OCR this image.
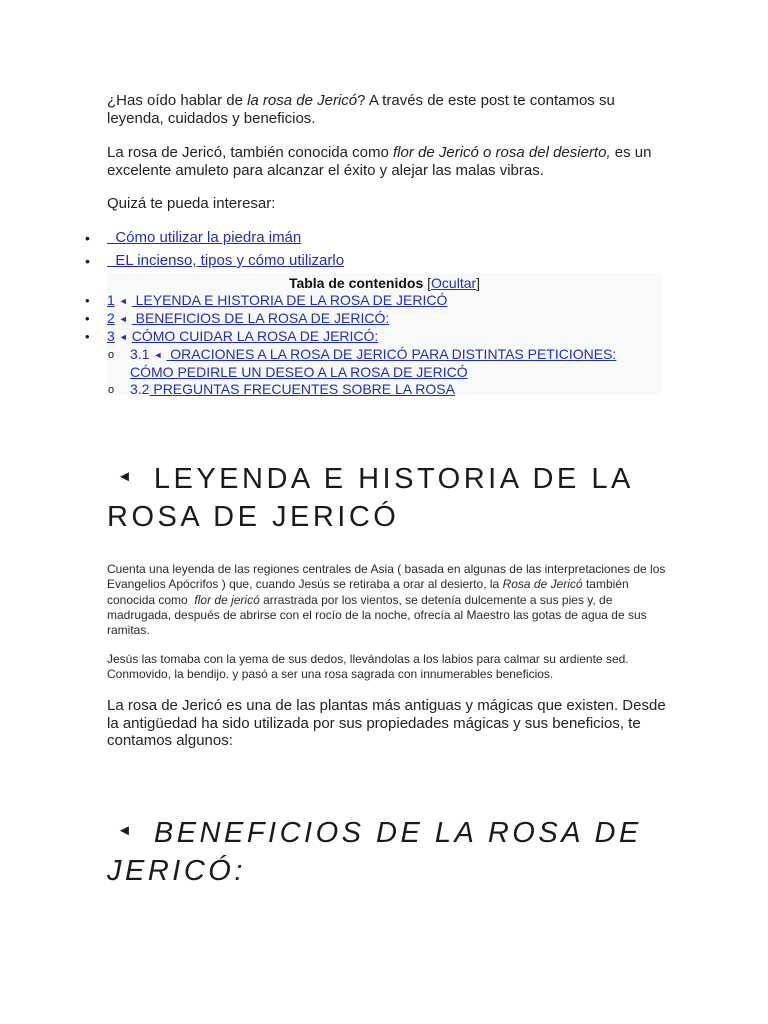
¿Has oído hablar de la rosa de Jericó? A través de este post te contamos su leyenda, cuidados y beneficios.

La rosa de Jericó, también conocida como flor de Jericó o rosa del desierto, es un excelente amuleto para alcanzar el éxito y alejar las malas vibras.

Quizá te pueda interesar:

• Cómo utilizar la piedra imán
• EL incienso, tipos y cómo utilizarlo
Tabla de contenidos [Ocultar]
• 1 ◄ LEYENDA E HISTORIA DE LA ROSA DE JERICÓ
• 2 ◄ BENEFICIOS DE LA ROSA DE JERICÓ:
• 3 ◄ CÓMO CUIDAR LA ROSA DE JERICÓ:
o 3.1 ◄ ORACIONES A LA ROSA DE JERICÓ PARA DISTINTAS PETICIONES: CÓMO PEDIRLE UN DESEO A LA ROSA DE JERICÓ
o 3.2 PREGUNTAS FRECUENTES SOBRE LA ROSA
◄ LEYENDA E HISTORIA DE LA ROSA DE JERICÓ

Cuenta una leyenda de las regiones centrales de Asia ( basada en algunas de las interpretaciones de los Evangelios Apócrifos ) que, cuando Jesús se retiraba a orar al desierto, la Rosa de Jericó también conocida como  flor de jericó arrastrada por los vientos, se detenía dulcemente a sus pies y, de madrugada, después de abrirse con el rocío de la noche, ofrecía al Maestro las gotas de agua de sus ramitas.

Jesús las tomaba con la yema de sus dedos, llevándolas a los labios para calmar su ardiente sed. Conmovido, la bendijo. y pasó a ser una rosa sagrada con innumerables beneficios.

La rosa de Jericó es una de las plantas más antiguas y mágicas que existen. Desde la antigüedad ha sido utilizada por sus propiedades mágicas y sus beneficios, te contamos algunos:

◄ BENEFICIOS DE LA ROSA DE JERICÓ:
